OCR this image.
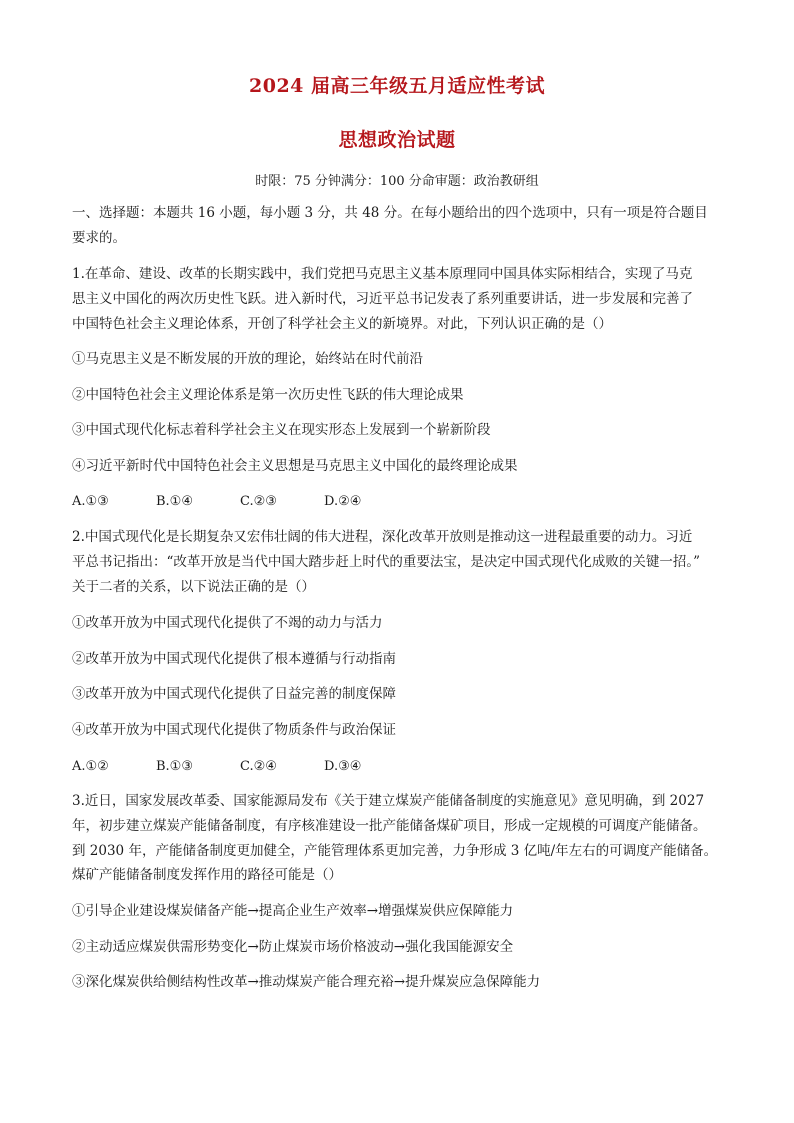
2024 届高三年级五月适应性考试
思想政治试题
时限：75 分钟满分：100 分命审题：政治教研组
一、选择题：本题共 16 小题，每小题 3 分，共 48 分。在每小题给出的四个选项中，只有一项是符合题目
要求的。
1.在革命、建设、改革的长期实践中，我们党把马克思主义基本原理同中国具体实际相结合，实现了马克
思主义中国化的两次历史性飞跃。进入新时代，习近平总书记发表了系列重要讲话，进一步发展和完善了
中国特色社会主义理论体系，开创了科学社会主义的新境界。对此，下列认识正确的是（）
①马克思主义是不断发展的开放的理论，始终站在时代前沿
②中国特色社会主义理论体系是第一次历史性飞跃的伟大理论成果
③中国式现代化标志着科学社会主义在现实形态上发展到一个崭新阶段
④习近平新时代中国特色社会主义思想是马克思主义中国化的最终理论成果
A.①③	B.①④	C.②③	D.②④
2.中国式现代化是长期复杂又宏伟壮阔的伟大进程，深化改革开放则是推动这一进程最重要的动力。习近
平总书记指出：“改革开放是当代中国大踏步赶上时代的重要法宝，是决定中国式现代化成败的关键一招。”
关于二者的关系，以下说法正确的是（）
①改革开放为中国式现代化提供了不竭的动力与活力
②改革开放为中国式现代化提供了根本遵循与行动指南
③改革开放为中国式现代化提供了日益完善的制度保障
④改革开放为中国式现代化提供了物质条件与政治保证
A.①②	B.①③	C.②④	D.③④
3.近日，国家发展改革委、国家能源局发布《关于建立煤炭产能储备制度的实施意见》意见明确，到 2027
年，初步建立煤炭产能储备制度，有序核准建设一批产能储备煤矿项目，形成一定规模的可调度产能储备。
到 2030 年，产能储备制度更加健全，产能管理体系更加完善，力争形成 3 亿吨/年左右的可调度产能储备。
煤矿产能储备制度发挥作用的路径可能是（）
①引导企业建设煤炭储备产能→提高企业生产效率→增强煤炭供应保障能力
②主动适应煤炭供需形势变化→防止煤炭市场价格波动→强化我国能源安全
③深化煤炭供给侧结构性改革→推动煤炭产能合理充裕→提升煤炭应急保障能力
